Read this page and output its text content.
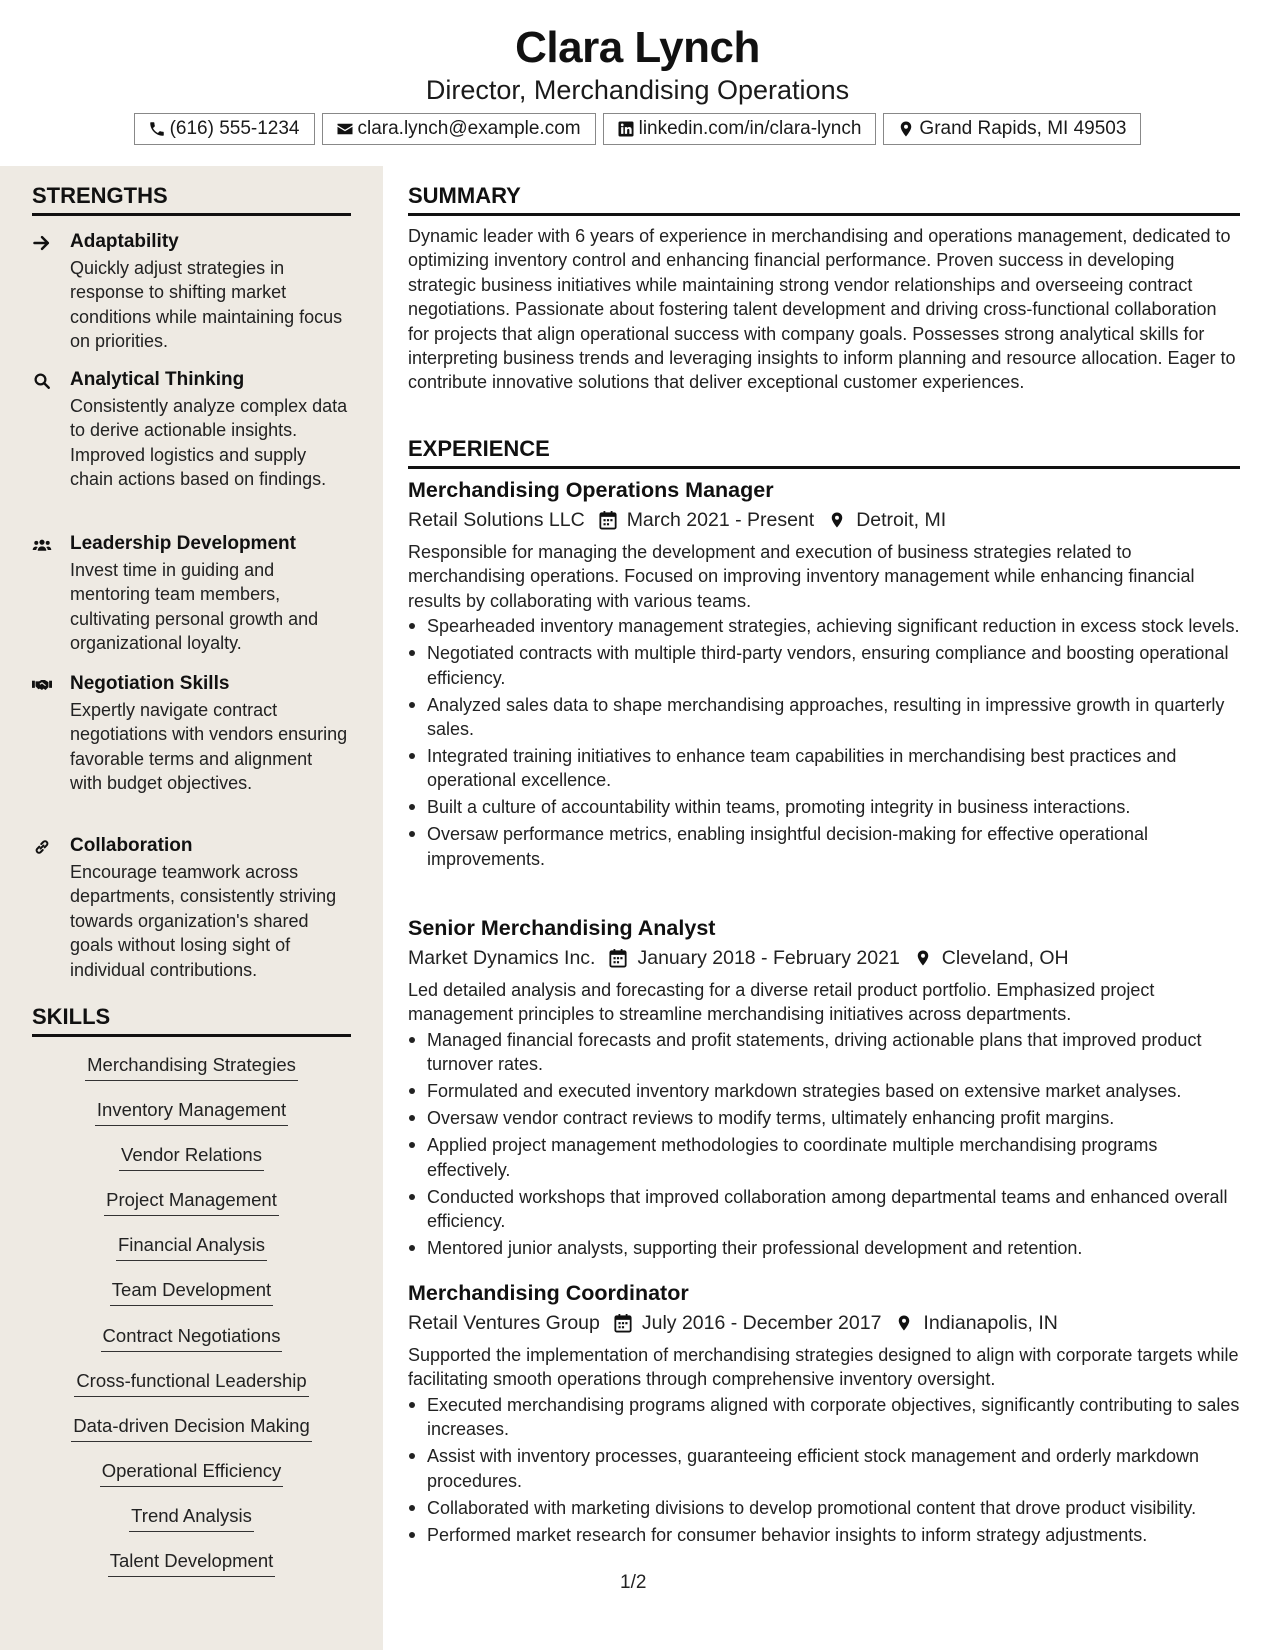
Clara Lynch
Director, Merchandising Operations
(616) 555-1234	clara.lynch@example.com	linkedin.com/in/clara-lynch	Grand Rapids, MI 49503
STRENGTHS
Adaptability
Quickly adjust strategies in response to shifting market conditions while maintaining focus on priorities.
Analytical Thinking
Consistently analyze complex data to derive actionable insights. Improved logistics and supply chain actions based on findings.
Leadership Development
Invest time in guiding and mentoring team members, cultivating personal growth and organizational loyalty.
Negotiation Skills
Expertly navigate contract negotiations with vendors ensuring favorable terms and alignment with budget objectives.
Collaboration
Encourage teamwork across departments, consistently striving towards organization's shared goals without losing sight of individual contributions.
SKILLS
Merchandising Strategies
Inventory Management
Vendor Relations
Project Management
Financial Analysis
Team Development
Contract Negotiations
Cross-functional Leadership
Data-driven Decision Making
Operational Efficiency
Trend Analysis
Talent Development
SUMMARY
Dynamic leader with 6 years of experience in merchandising and operations management, dedicated to optimizing inventory control and enhancing financial performance. Proven success in developing strategic business initiatives while maintaining strong vendor relationships and overseeing contract negotiations. Passionate about fostering talent development and driving cross-functional collaboration for projects that align operational success with company goals. Possesses strong analytical skills for interpreting business trends and leveraging insights to inform planning and resource allocation. Eager to contribute innovative solutions that deliver exceptional customer experiences.
EXPERIENCE
Merchandising Operations Manager
Retail Solutions LLC March 2021 - Present Detroit, MI
Responsible for managing the development and execution of business strategies related to merchandising operations. Focused on improving inventory management while enhancing financial results by collaborating with various teams.
Spearheaded inventory management strategies, achieving significant reduction in excess stock levels.
Negotiated contracts with multiple third-party vendors, ensuring compliance and boosting operational efficiency.
Analyzed sales data to shape merchandising approaches, resulting in impressive growth in quarterly sales.
Integrated training initiatives to enhance team capabilities in merchandising best practices and operational excellence.
Built a culture of accountability within teams, promoting integrity in business interactions.
Oversaw performance metrics, enabling insightful decision-making for effective operational improvements.
Senior Merchandising Analyst
Market Dynamics Inc. January 2018 - February 2021 Cleveland, OH
Led detailed analysis and forecasting for a diverse retail product portfolio. Emphasized project management principles to streamline merchandising initiatives across departments.
Managed financial forecasts and profit statements, driving actionable plans that improved product turnover rates.
Formulated and executed inventory markdown strategies based on extensive market analyses.
Oversaw vendor contract reviews to modify terms, ultimately enhancing profit margins.
Applied project management methodologies to coordinate multiple merchandising programs effectively.
Conducted workshops that improved collaboration among departmental teams and enhanced overall efficiency.
Mentored junior analysts, supporting their professional development and retention.
Merchandising Coordinator
Retail Ventures Group July 2016 - December 2017 Indianapolis, IN
Supported the implementation of merchandising strategies designed to align with corporate targets while facilitating smooth operations through comprehensive inventory oversight.
Executed merchandising programs aligned with corporate objectives, significantly contributing to sales increases.
Assist with inventory processes, guaranteeing efficient stock management and orderly markdown procedures.
Collaborated with marketing divisions to develop promotional content that drove product visibility.
Performed market research for consumer behavior insights to inform strategy adjustments.
1/2
